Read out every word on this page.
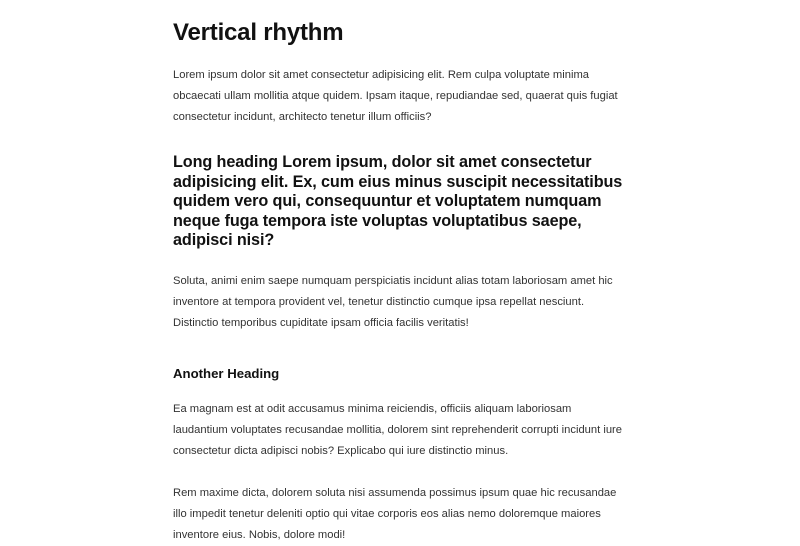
Vertical rhythm

Lorem ipsum dolor sit amet consectetur adipisicing elit. Rem culpa voluptate minima obcaecati ullam mollitia atque quidem. Ipsam itaque, repudiandae sed, quaerat quis fugiat consectetur incidunt, architecto tenetur illum officiis?

Long heading Lorem ipsum, dolor sit amet consectetur adipisicing elit. Ex, cum eius minus suscipit necessitatibus quidem vero qui, consequuntur et voluptatem numquam neque fuga tempora iste voluptas voluptatibus saepe, adipisci nisi?

Soluta, animi enim saepe numquam perspiciatis incidunt alias totam laboriosam amet hic inventore at tempora provident vel, tenetur distinctio cumque ipsa repellat nesciunt. Distinctio temporibus cupiditate ipsam officia facilis veritatis!

Another Heading

Ea magnam est at odit accusamus minima reiciendis, officiis aliquam laboriosam laudantium voluptates recusandae mollitia, dolorem sint reprehenderit corrupti incidunt iure consectetur dicta adipisci nobis? Explicabo qui iure distinctio minus.

Rem maxime dicta, dolorem soluta nisi assumenda possimus ipsum quae hic recusandae illo impedit tenetur deleniti optio qui vitae corporis eos alias nemo doloremque maiores inventore eius. Nobis, dolore modi!
